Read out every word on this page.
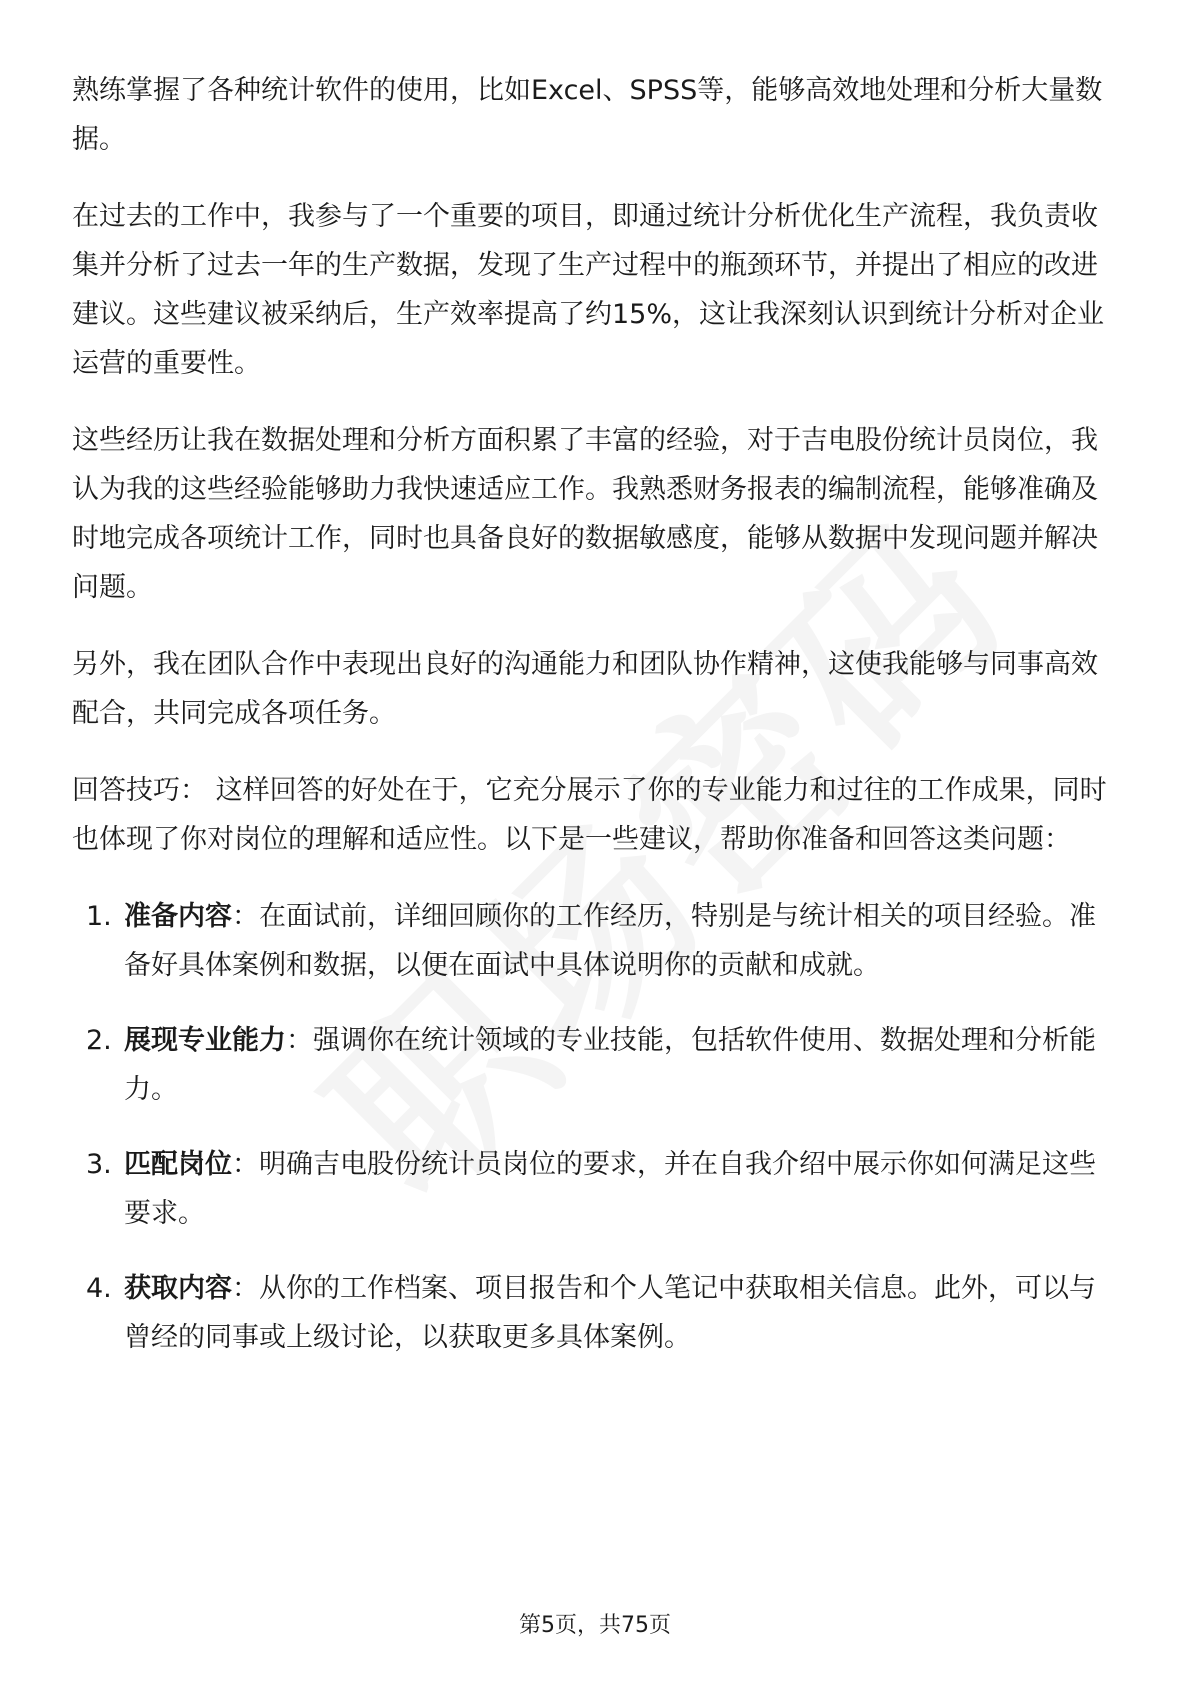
熟练掌握了各种统计软件的使用，比如Excel、SPSS等，能够高效地处理和分析大量数据。

在过去的工作中，我参与了一个重要的项目，即通过统计分析优化生产流程，我负责收集并分析了过去一年的生产数据，发现了生产过程中的瓶颈环节，并提出了相应的改进建议。这些建议被采纳后，生产效率提高了约15%，这让我深刻认识到统计分析对企业运营的重要性。

这些经历让我在数据处理和分析方面积累了丰富的经验，对于吉电股份统计员岗位，我认为我的这些经验能够助力我快速适应工作。我熟悉财务报表的编制流程，能够准确及时地完成各项统计工作，同时也具备良好的数据敏感度，能够从数据中发现问题并解决问题。

另外，我在团队合作中表现出良好的沟通能力和团队协作精神，这使我能够与同事高效配合，共同完成各项任务。

回答技巧： 这样回答的好处在于，它充分展示了你的专业能力和过往的工作成果，同时也体现了你对岗位的理解和适应性。以下是一些建议，帮助你准备和回答这类问题：

1. 准备内容：在面试前，详细回顾你的工作经历，特别是与统计相关的项目经验。准备好具体案例和数据，以便在面试中具体说明你的贡献和成就。
2. 展现专业能力：强调你在统计领域的专业技能，包括软件使用、数据处理和分析能力。
3. 匹配岗位：明确吉电股份统计员岗位的要求，并在自我介绍中展示你如何满足这些要求。
4. 获取内容：从你的工作档案、项目报告和个人笔记中获取相关信息。此外，可以与曾经的同事或上级讨论，以获取更多具体案例。
第5页，共75页
